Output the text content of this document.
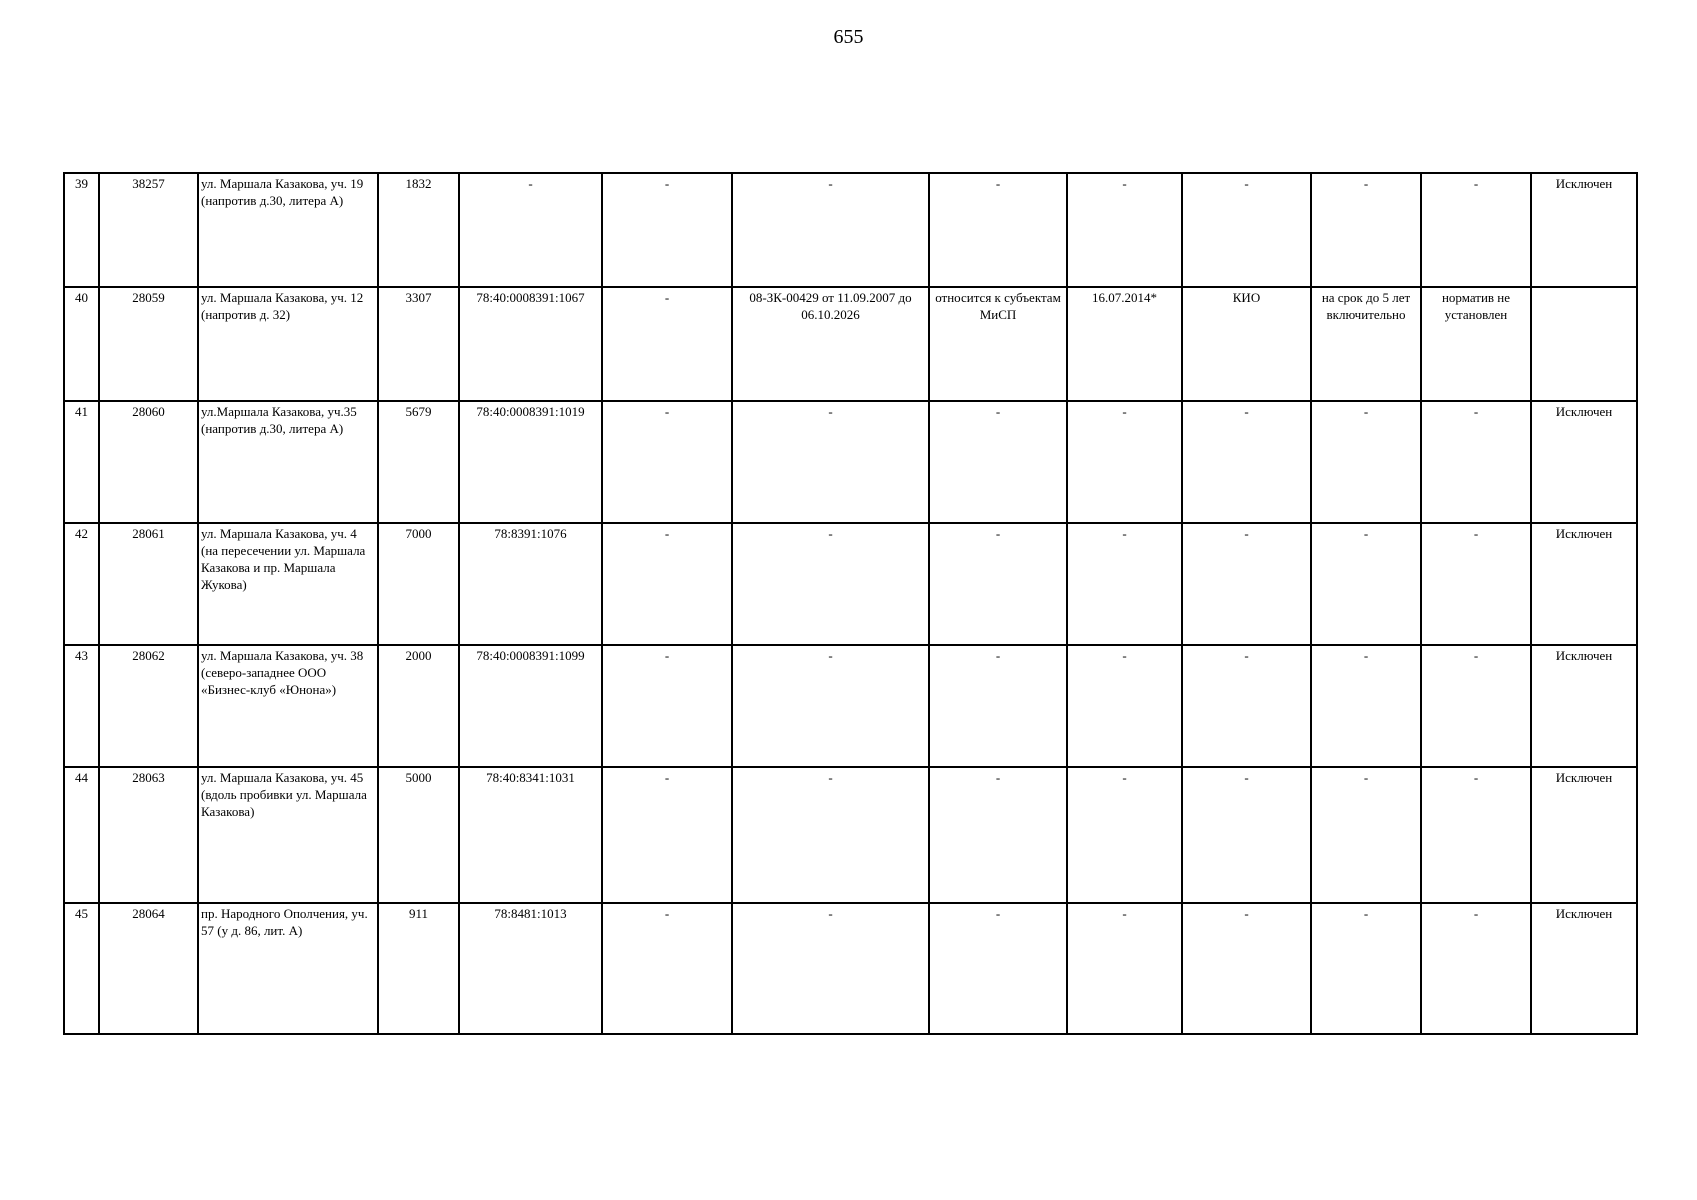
655
39	38257	ул. Маршала Казакова, уч. 19 (напротив д.30, литера А)	1832	-	-	-	-	-	-	-	-	Исключен
40	28059	ул. Маршала Казакова, уч. 12 (напротив д. 32)	3307	78:40:0008391:1067	-	08-ЗК-00429 от 11.09.2007 до 06.10.2026	относится к субъектам МиСП	16.07.2014*	КИО	на срок до 5 лет включительно	норматив не установлен	
41	28060	ул.Маршала Казакова, уч.35 (напротив д.30, литера А)	5679	78:40:0008391:1019	-	-	-	-	-	-	-	Исключен
42	28061	ул. Маршала Казакова, уч. 4 (на пересечении ул. Маршала Казакова и пр. Маршала Жукова)	7000	78:8391:1076	-	-	-	-	-	-	-	Исключен
43	28062	ул. Маршала Казакова, уч. 38 (северо-западнее ООО «Бизнес-клуб «Юнона»)	2000	78:40:0008391:1099	-	-	-	-	-	-	-	Исключен
44	28063	ул. Маршала Казакова, уч. 45 (вдоль пробивки ул. Маршала Казакова)	5000	78:40:8341:1031	-	-	-	-	-	-	-	Исключен
45	28064	пр. Народного Ополчения, уч. 57 (у д. 86, лит. А)	911	78:8481:1013	-	-	-	-	-	-	-	Исключен
